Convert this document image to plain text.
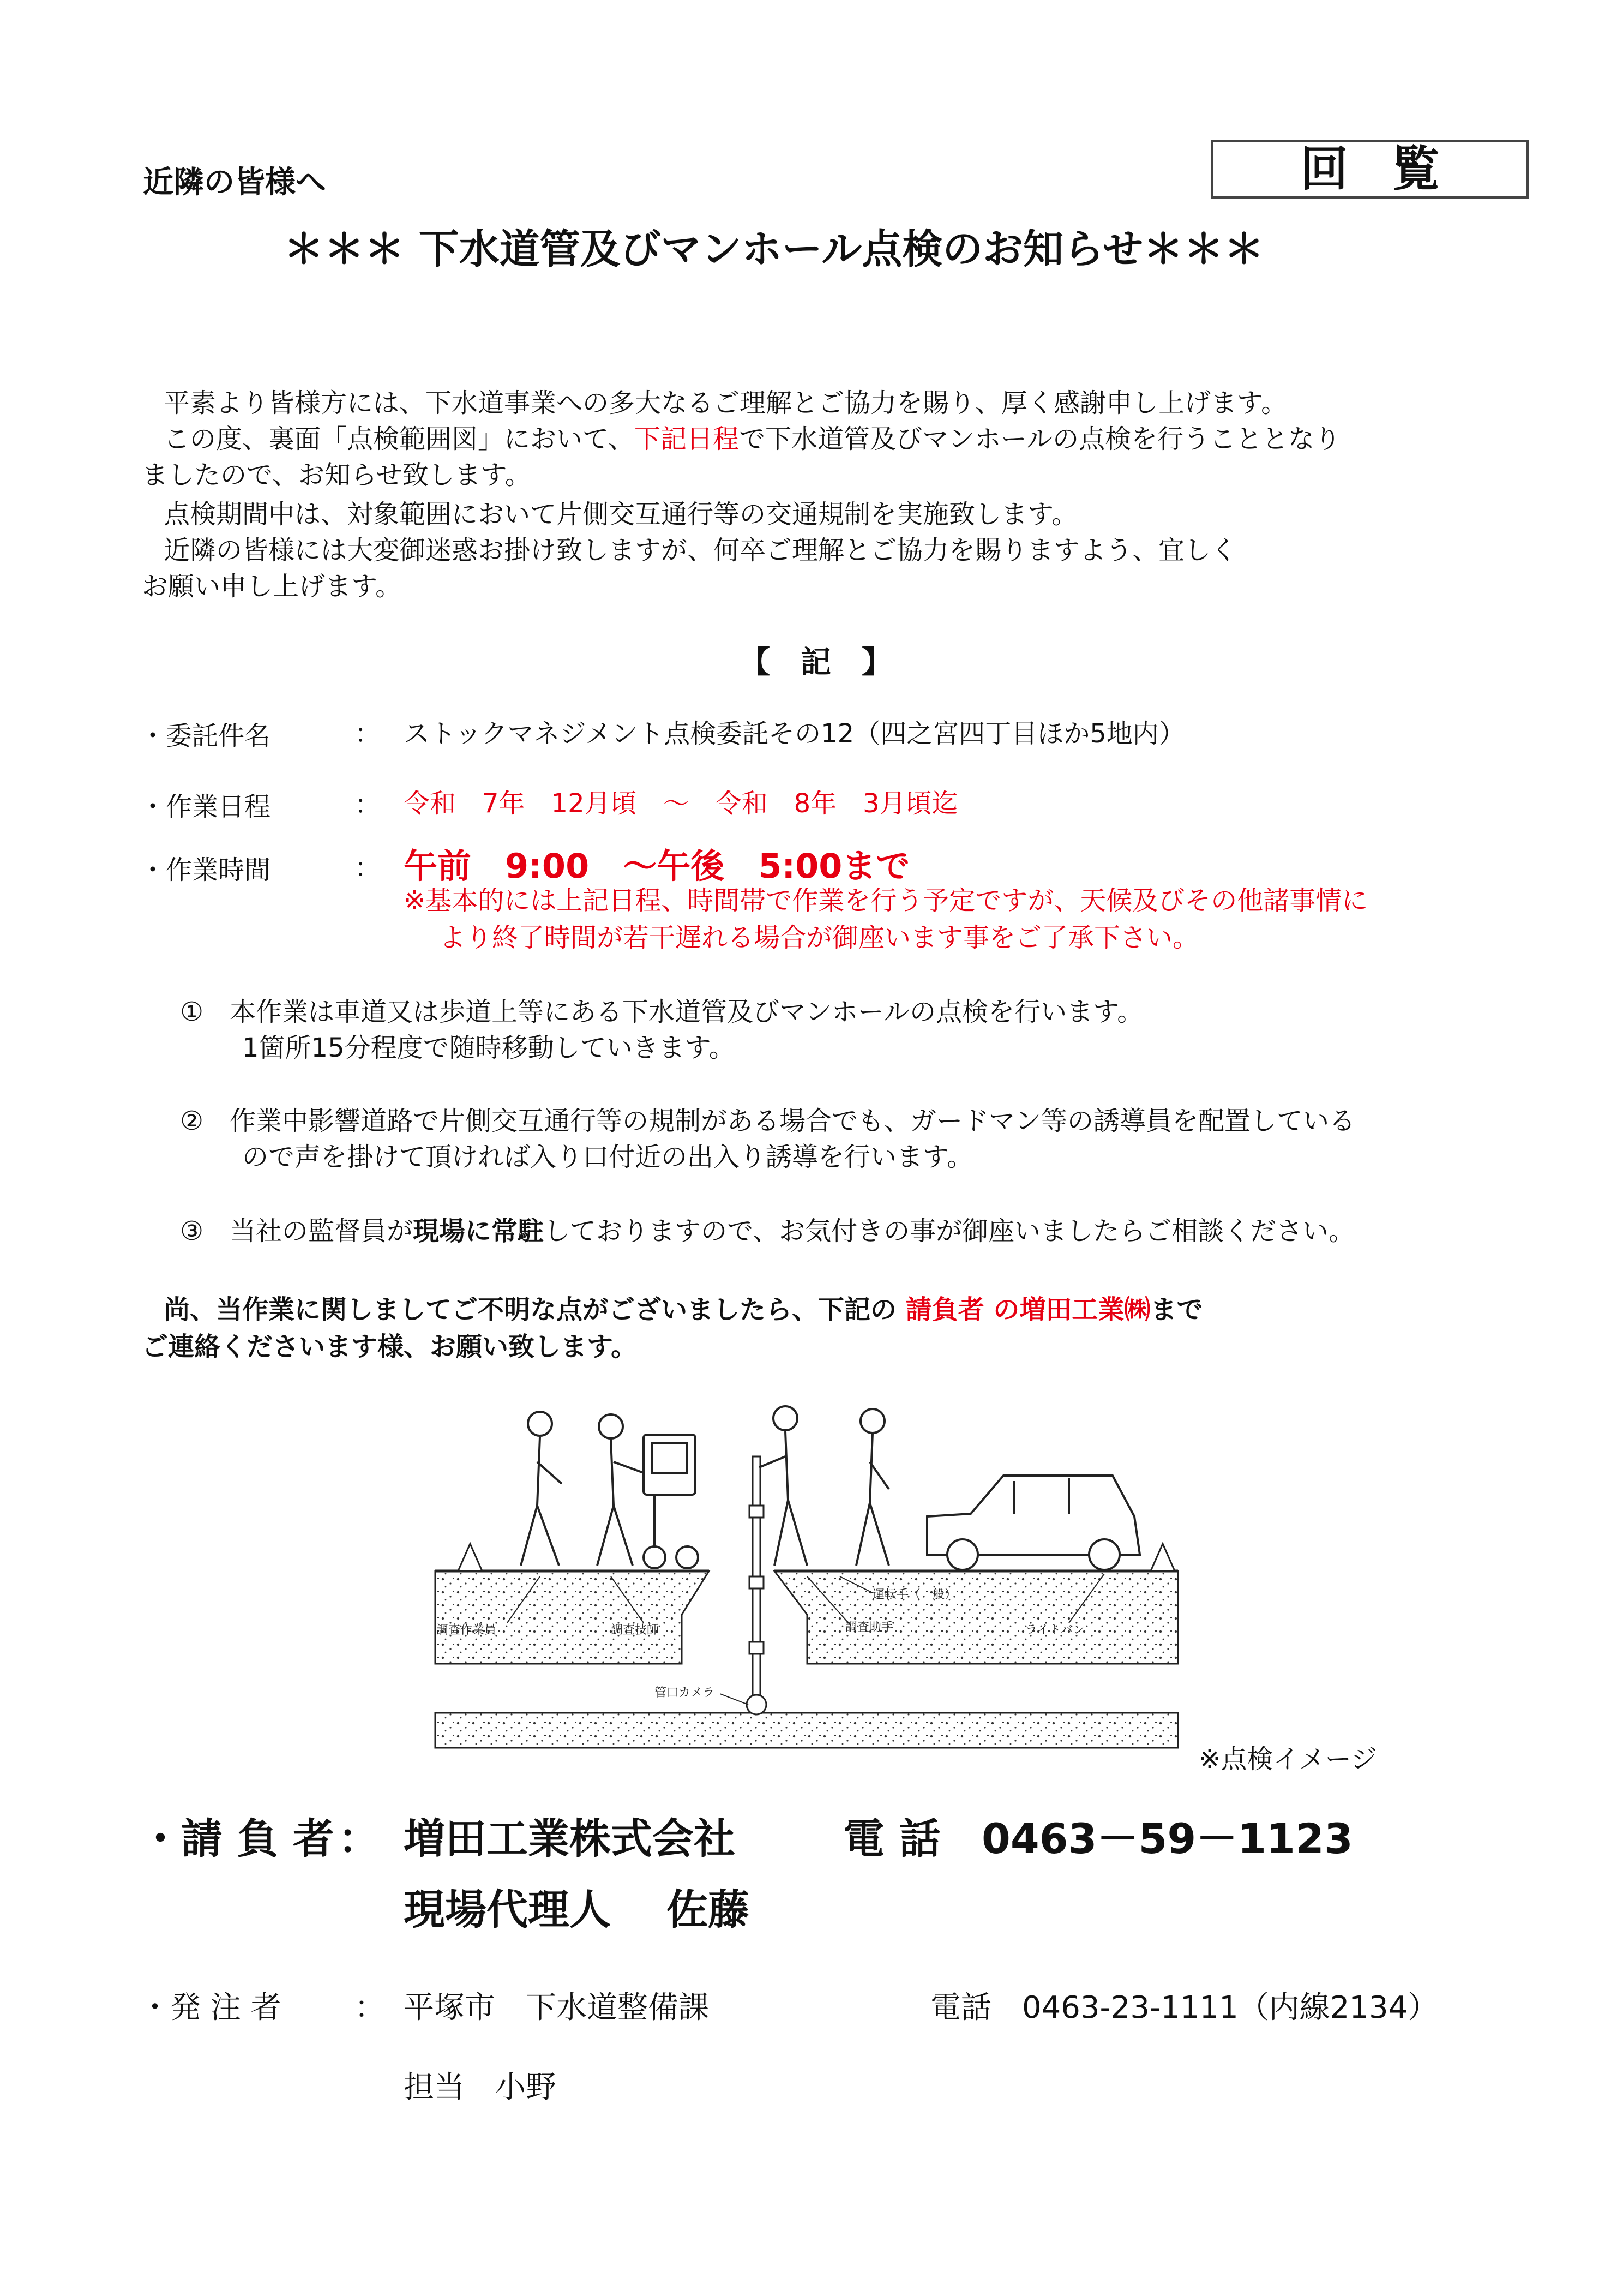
近隣の皆様へ	回覧
＊＊＊ 下水道管及びマンホール点検のお知らせ＊＊＊
平素より皆様方には、下水道事業への多大なるご理解とご協力を賜り、厚く感謝申し上げます。
この度、裏面「点検範囲図」において、下記日程で下水道管及びマンホールの点検を行うこととなり
ましたので、お知らせ致します。
点検期間中は、対象範囲において片側交互通行等の交通規制を実施致します。
近隣の皆様には大変御迷惑お掛け致しますが、何卒ご理解とご協力を賜りますよう、宜しく
お願い申し上げます。
【　記　】
・委託件名	： ストックマネジメント点検委託その12（四之宮四丁目ほか5地内）
・作業日程	： 令和　7年　12月頃　～　令和　8年　3月頃迄
・作業時間	： 午前　9:00　～午後　5:00まで
※基本的には上記日程、時間帯で作業を行う予定ですが、天候及びその他諸事情に
より終了時間が若干遅れる場合が御座います事をご了承下さい。
①　本作業は車道又は歩道上等にある下水道管及びマンホールの点検を行います。
1箇所15分程度で随時移動していきます。
②　作業中影響道路で片側交互通行等の規制がある場合でも、ガードマン等の誘導員を配置している
ので声を掛けて頂ければ入り口付近の出入り誘導を行います。
③　当社の監督員が現場に常駐しておりますので、お気付きの事が御座いましたらご相談ください。
尚、当作業に関しましてご不明な点がございましたら、下記の 請負者 の増田工業㈱まで
ご連絡くださいます様、お願い致します。
調査作業員	調査技師
運転手（一般）
調査助手	ライトバン
管口カメラ
※点検イメージ
・請 負 者 ： 増田工業株式会社	電 話 0463－59－1123
現場代理人 佐藤
・発 注 者 ： 平塚市　下水道整備課	電話　0463-23-1111（内線2134）
担当　小野
